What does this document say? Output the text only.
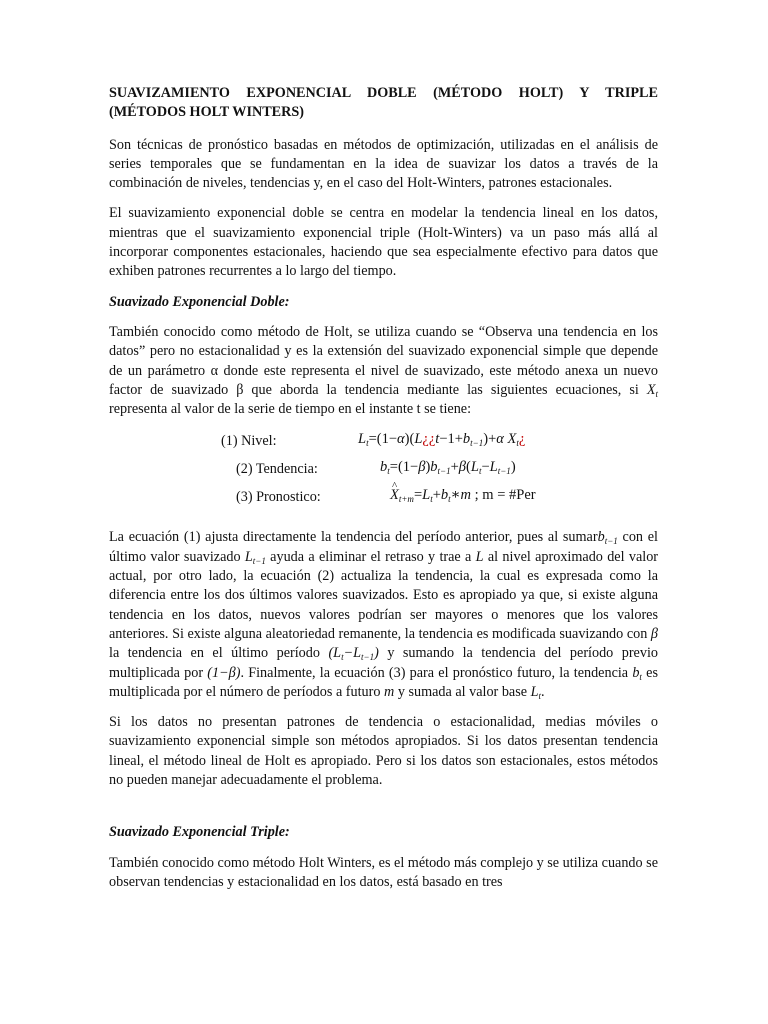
SUAVIZAMIENTO EXPONENCIAL DOBLE (MÉTODO HOLT) Y TRIPLE (MÉTODOS HOLT WINTERS)

Son técnicas de pronóstico basadas en métodos de optimización, utilizadas en el análisis de series temporales que se fundamentan en la idea de suavizar los datos a través de la combinación de niveles, tendencias y, en el caso del Holt-Winters, patrones estacionales.

El suavizamiento exponencial doble se centra en modelar la tendencia lineal en los datos, mientras que el suavizamiento exponencial triple (Holt-Winters) va un paso más allá al incorporar componentes estacionales, haciendo que sea especialmente efectivo para datos que exhiben patrones recurrentes a lo largo del tiempo.

Suavizado Exponencial Doble:

También conocido como método de Holt, se utiliza cuando se “Observa una tendencia en los datos” pero no estacionalidad y es la extensión del suavizado exponencial simple que depende de un parámetro α donde este representa el nivel de suavizado, este método anexa un nuevo factor de suavizado β que aborda la tendencia mediante las siguientes ecuaciones, si $X_t$ representa al valor de la serie de tiempo en el instante t se tiene:

(1) Nivel:	$L_t=(1-\alpha)(L¿¿t-1+b_{t-1})+\alpha$ $X_t¿$
(2) Tendencia:	$b_t=(1-\beta)b_{t-1}+\beta(L_t-L_{t-1})$
(3) Pronostico:
^	$X_{t+m}=L_t+b_t∗m$ ; m = #Per

La ecuación (1) ajusta directamente la tendencia del período anterior, pues al sumarb$_{t-1}$ con el último valor suavizado $L_{t-1}$ ayuda a eliminar el retraso y trae a L al nivel aproximado del valor actual, por otro lado, la ecuación (2) actualiza la tendencia, la cual es expresada como la diferencia entre los dos últimos valores suavizados. Esto es apropiado ya que, si existe alguna tendencia en los datos, nuevos valores podrían ser mayores o menores que los valores anteriores. Si existe alguna aleatoriedad remanente, la tendencia es modificada suavizando con β la tendencia en el último período $(L_t-L_{t-1})$ y sumando la tendencia del período previo multiplicada por (1−β). Finalmente, la ecuación (3) para el pronóstico futuro, la tendencia $b_t$ es multiplicada por el número de períodos a futuro m y sumada al valor base $L_t$.

Si los datos no presentan patrones de tendencia o estacionalidad, medias móviles o suavizamiento exponencial simple son métodos apropiados. Si los datos presentan tendencia lineal, el método lineal de Holt es apropiado. Pero si los datos son estacionales, estos métodos no pueden manejar adecuadamente el problema.

Suavizado Exponencial Triple:

También conocido como método Holt Winters, es el método más complejo y se utiliza cuando se observan tendencias y estacionalidad en los datos, está basado en tres
